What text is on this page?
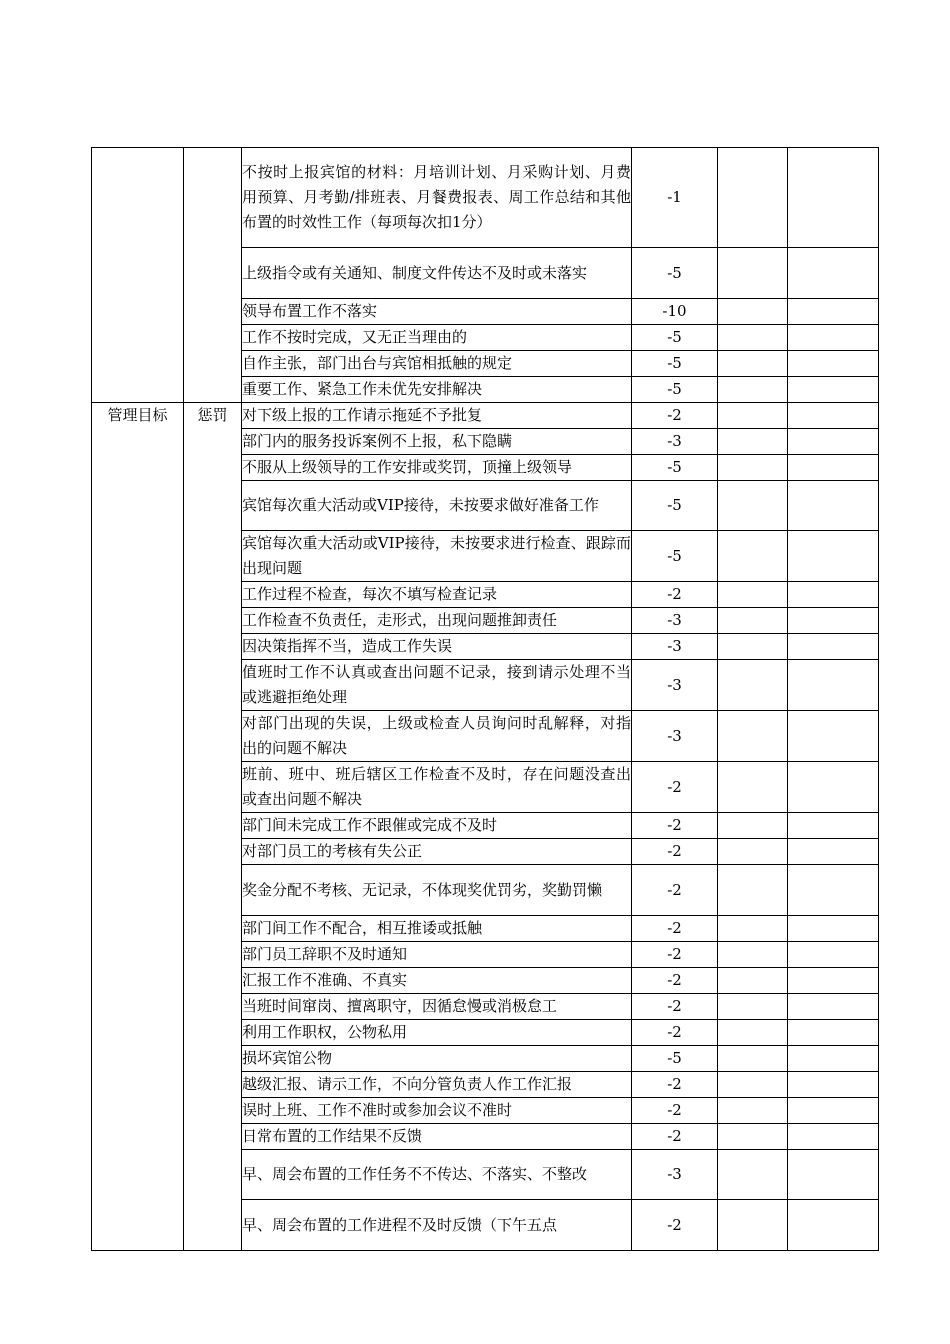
		不按时上报宾馆的材料：月培训计划、月采购计划、月费用预算、月考勤/排班表、月餐费报表、周工作总结和其他布置的时效性工作（每项每次扣1分）	-1		
		上级指令或有关通知、制度文件传达不及时或未落实	-5		
		领导布置工作不落实	-10		
		工作不按时完成，又无正当理由的	-5		
		自作主张，部门出台与宾馆相抵触的规定	-5		
		重要工作、紧急工作未优先安排解决	-5		
管理目标	惩罚	对下级上报的工作请示拖延不予批复	-2		
		部门内的服务投诉案例不上报，私下隐瞒	-3		
		不服从上级领导的工作安排或奖罚，顶撞上级领导	-5		
		宾馆每次重大活动或VIP接待，未按要求做好准备工作	-5		
		宾馆每次重大活动或VIP接待，未按要求进行检查、跟踪而出现问题	-5		
		工作过程不检查，每次不填写检查记录	-2		
		工作检查不负责任，走形式，出现问题推卸责任	-3		
		因决策指挥不当，造成工作失误	-3		
		值班时工作不认真或查出问题不记录，接到请示处理不当或逃避拒绝处理	-3		
		对部门出现的失误，上级或检查人员询问时乱解释，对指出的问题不解决	-3		
		班前、班中、班后辖区工作检查不及时，存在问题没查出或查出问题不解决	-2		
		部门间未完成工作不跟催或完成不及时	-2		
		对部门员工的考核有失公正	-2		
		奖金分配不考核、无记录，不体现奖优罚劣，奖勤罚懒	-2		
		部门间工作不配合，相互推诿或抵触	-2		
		部门员工辞职不及时通知	-2		
		汇报工作不准确、不真实	-2		
		当班时间窜岗、擅离职守，因循怠慢或消极怠工	-2		
		利用工作职权，公物私用	-2		
		损坏宾馆公物	-5		
		越级汇报、请示工作，不向分管负责人作工作汇报	-2		
		误时上班、工作不准时或参加会议不准时	-2		
		日常布置的工作结果不反馈	-2		
		早、周会布置的工作任务不不传达、不落实、不整改	-3		
		早、周会布置的工作进程不及时反馈（下午五点	-2		
